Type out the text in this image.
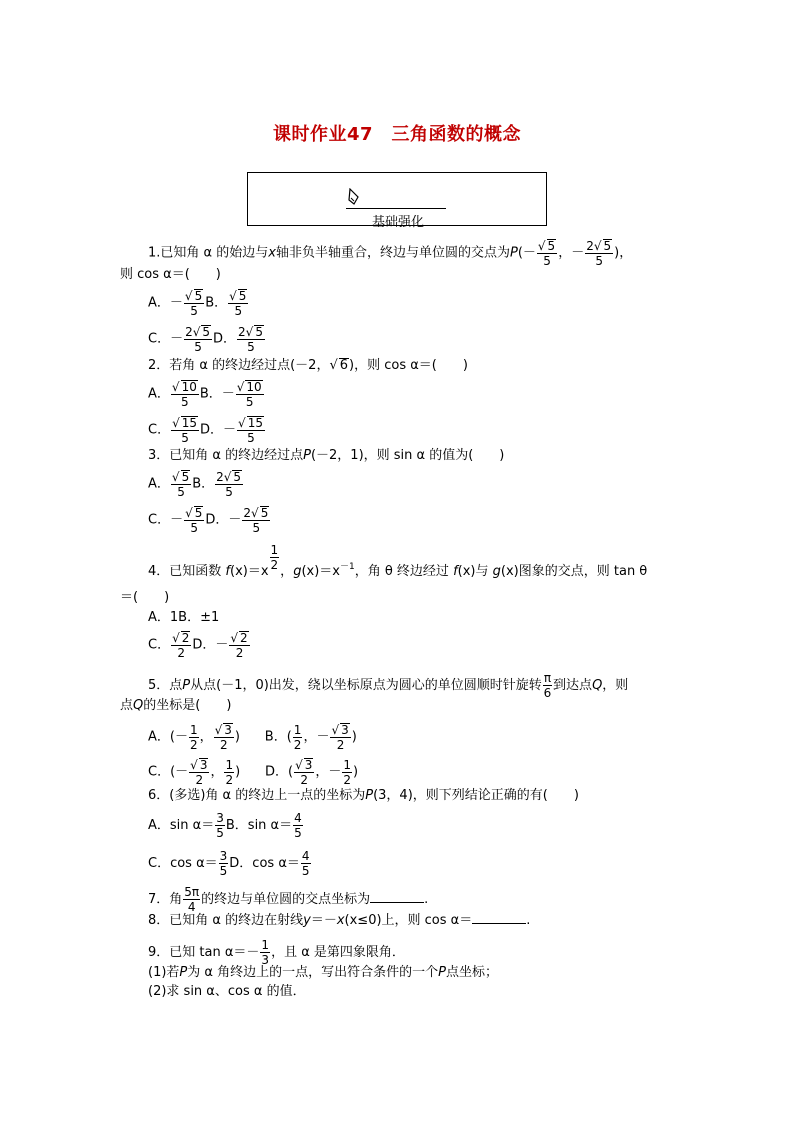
课时作业47　三角函数的概念
基础强化
1.已知角 α 的始边与x轴非负半轴重合，终边与单位圆的交点为$P(- \frac{√ 5}{5}$ ，－ $\frac{2√ 5}{5}$ )，
则 cos α＝(　　)
A．－ $\frac{√ 5}{5}$ B． $\frac{√ 5}{5}$
C．－ $\frac{2√ 5}{5}$ D． $\frac{2√ 5}{5}$
2．若角 α 的终边经过点(－2，√ 6)，则 cos α＝(　　)
A． $\frac{√ 10}{5}$ B．－ $\frac{√ 10}{5}$
C． $\frac{√ 15}{5}$ D．－ $\frac{√ 15}{5}$
3．已知角 α 的终边经过点P(－2，1)，则 sin α 的值为(　　)
A． $\frac{√ 5}{5}$ B． $\frac{2√ 5}{5}$
C．－ $\frac{√ 5}{5}$ D．－ $\frac{2√ 5}{5}$
4．已知函数 f(x)＝x
$\frac{1}{2}$
，$g(x)=x^{-1}$，角 θ 终边经过 f(x)与 g(x)图象的交点，则 tan θ
＝(　　)
A．1B．±1
C． $\frac{√ 2}{2}$ D．－ $\frac{√ 2}{2}$
5．点P从点(－1，0)出发，绕以坐标原点为圆心的单位圆顺时针旋转 $\frac{\pi}{6}$ 到达点Q，则
点Q的坐标是(　　)
A．(－ $\frac{1}{2}$ ， $\frac{√ 3}{2}$ )      B．( $\frac{1}{2}$ ，－ $\frac{√ 3}{2}$ )
C．(－ $\frac{√ 3}{2}$ ， $\frac{1}{2}$ )      D．( $\frac{√ 3}{2}$ ，－ $\frac{1}{2}$ )
6．(多选)角 α 的终边上一点的坐标为P(3，4)，则下列结论正确的有(　　)
A．$\sin \alpha= \frac{3}{5}$ B．$\sin \alpha= \frac{4}{5}$
C．$\cos \alpha= \frac{3}{5}$ D．$\cos \alpha= \frac{4}{5}$
7．角 $\frac{5\pi}{4}$ 的终边与单位圆的交点坐标为	.
8．已知角 α 的终边在射线y＝－x(x≤0)上，则 cos α＝	.
9．已知 $\tan \alpha=- \frac{1}{3}$ ，且 α 是第四象限角．
(1)若P为 α 角终边上的一点，写出符合条件的一个P点坐标；
(2)求 sin α、cos α 的值．
